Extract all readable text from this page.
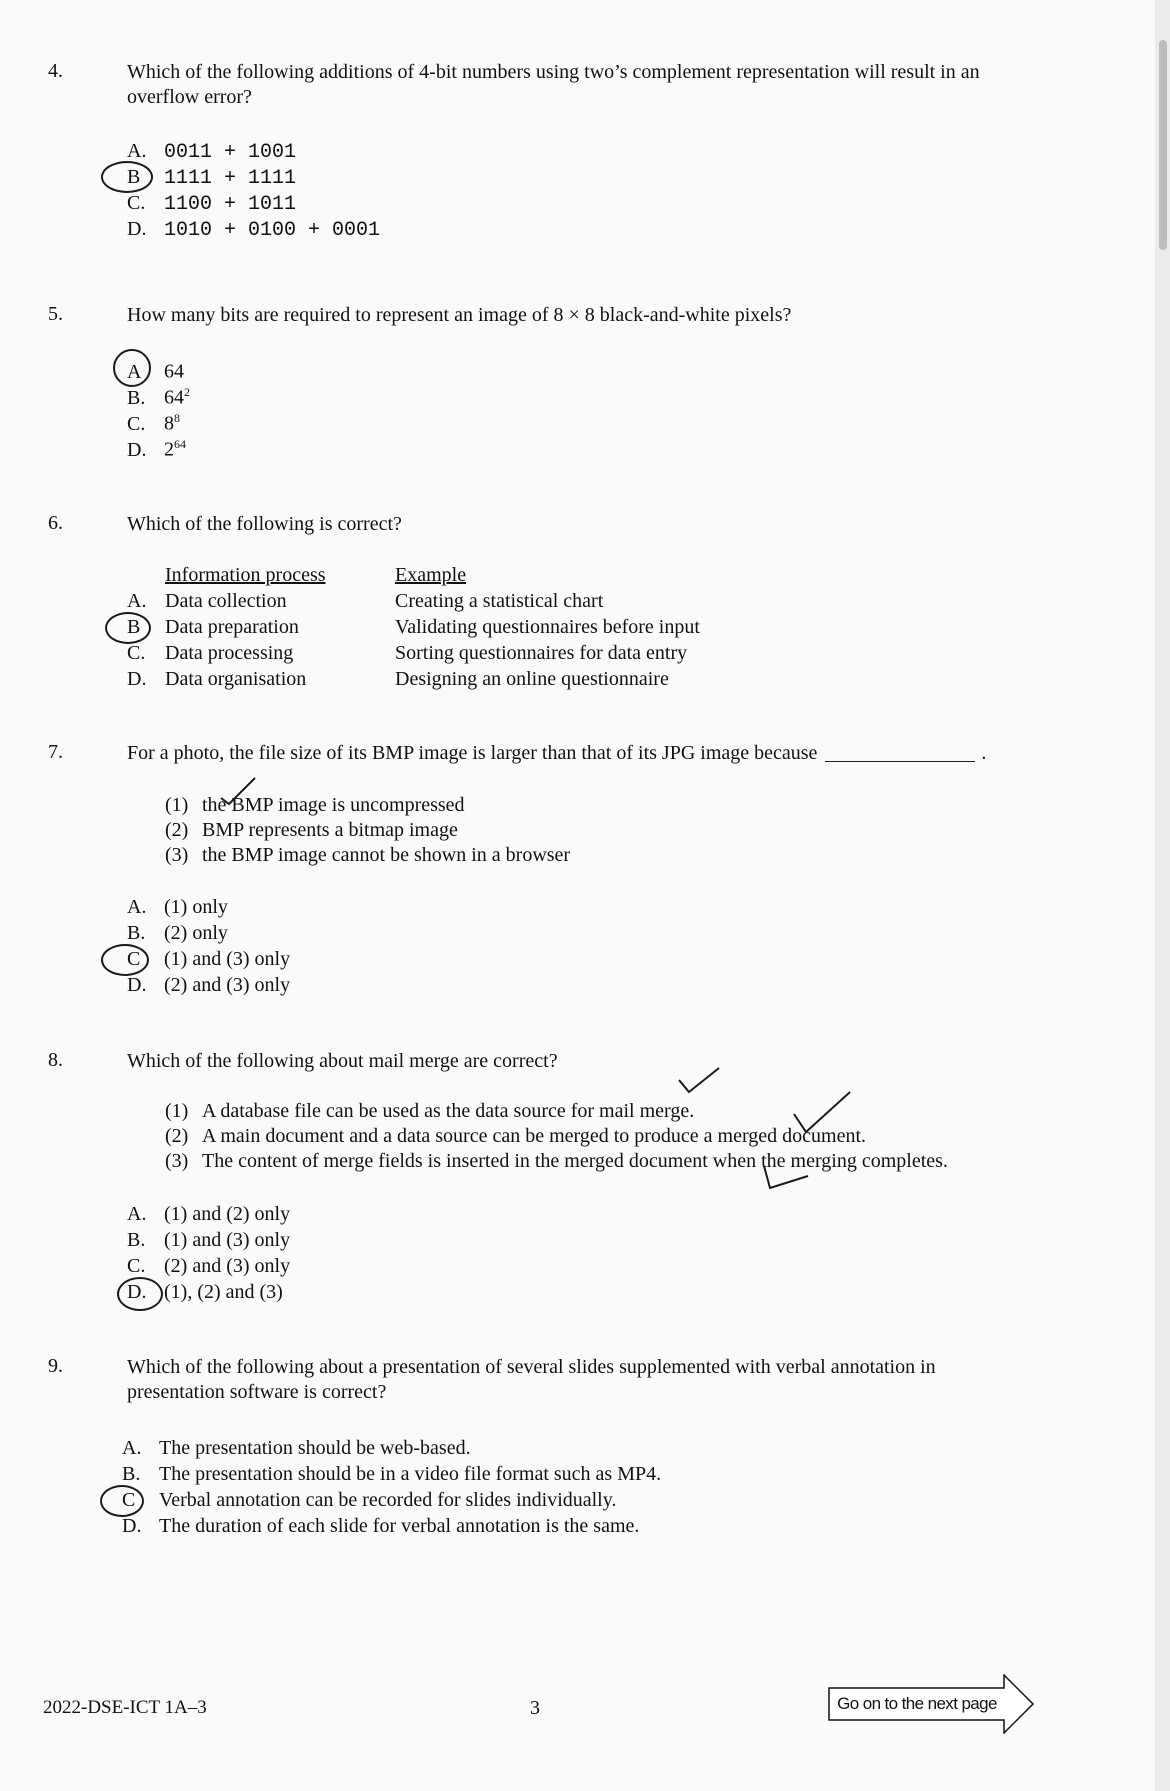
4.	Which of the following additions of 4-bit numbers using two’s complement representation will result in an
overflow error?
A. 0011 + 1001
B 1111 + 1111
C. 1100 + 1011
D. 1010 + 0100 + 0001
5.	How many bits are required to represent an image of 8 × 8 black-and-white pixels?
A 64
B. $64^2$
C. $8^8$
D. $2^{64}$
6.	Which of the following is correct?
Information process	Example
A. Data collection	Creating a statistical chart
B	Data preparation	Validating questionnaires before input
C. Data processing	Sorting questionnaires for data entry
D. Data organisation	Designing an online questionnaire
7.	For a photo, the file size of its BMP image is larger than that of its JPG image because	.
(1) the BMP image is uncompressed
(2) BMP represents a bitmap image
(3) the BMP image cannot be shown in a browser
A. (1) only
B. (2) only
C (1) and (3) only
D. (2) and (3) only
8.	Which of the following about mail merge are correct?
(1) A database file can be used as the data source for mail merge.
(2) A main document and a data source can be merged to produce a merged document.
(3) The content of merge fields is inserted in the merged document when the merging completes.
A. (1) and (2) only
B. (1) and (3) only
C. (2) and (3) only
D. (1), (2) and (3)
9.	Which of the following about a presentation of several slides supplemented with verbal annotation in
presentation software is correct?
A. The presentation should be web-based.
B. The presentation should be in a video file format such as MP4.
C Verbal annotation can be recorded for slides individually.
D. The duration of each slide for verbal annotation is the same.
2022-DSE-ICT 1A–3	3	Go on to the next page
